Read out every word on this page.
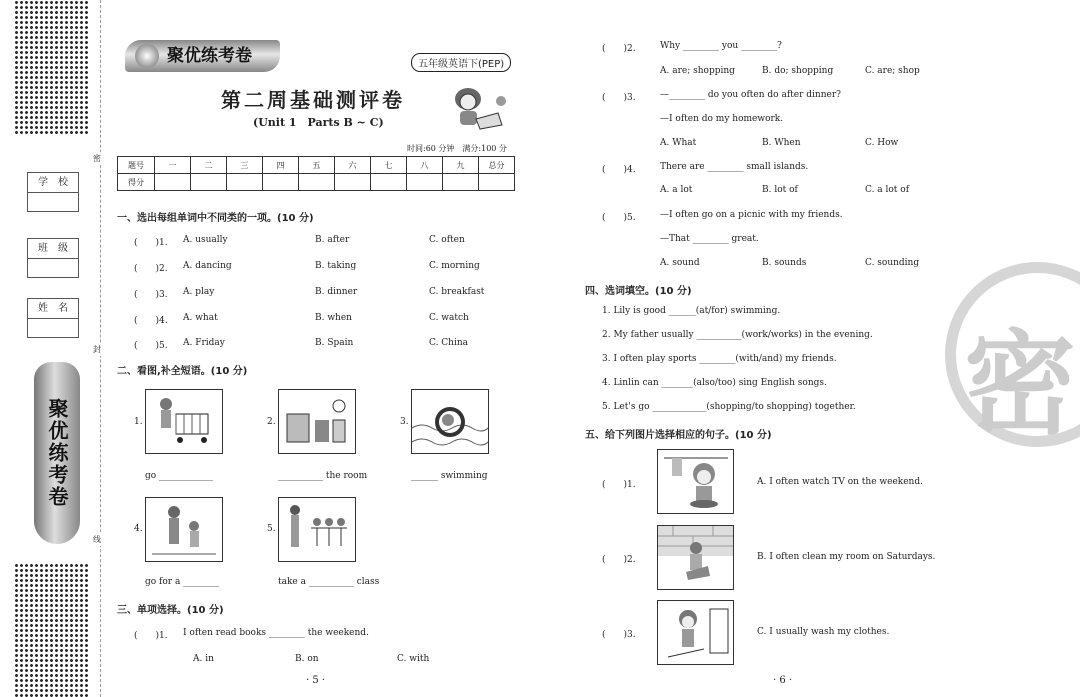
密
封
线
学　校
班　级
姓　名
聚优练考卷
聚优练考卷	五年级英语下(PEP)
第二周基础测评卷
(Unit 1　Parts B ~ C)
时间:60 分钟　满分:100 分
题号	一	二	三	四	五	六	七	八	九	总分
得分										
一、选出每组单词中不同类的一项。(10 分)
(　　)1. A. usually	B. after	C. often
(　　)2. A. dancing	B. taking	C. morning
(　　)3. A. play	B. dinner	C. breakfast
(　　)4. A. what	B. when	C. watch
(　　)5. A. Friday	B. Spain	C. China
二、看图,补全短语。(10 分)
1.	2.	3.
go ____________	__________ the room	______ swimming
4.	5.
go for a ________	take a __________ class
三、单项选择。(10 分)
(　　)1. I often read books ________ the weekend.
A. in	B. on	C. with
· 5 ·
(　　)2.	Why ________ you ________?
A. are; shopping	B. do; shopping	C. are; shop
(　　)3.	—________ do you often do after dinner?
—I often do my homework.
A. What	B. When	C. How
(　　)4.	There are ________ small islands.
A. a lot	B. lot of	C. a lot of
(　　)5.	—I often go on a picnic with my friends.
—That ________ great.
A. sound	B. sounds	C. sounding
四、选词填空。(10 分)
1. Lily is good ______(at/for) swimming.
2. My father usually __________(work/works) in the evening.
3. I often play sports ________(with/and) my friends.
4. Linlin can _______(also/too) sing English songs.
5. Let's go ____________(shopping/to shopping) together.
五、给下列图片选择相应的句子。(10 分)
(　　)1.	A. I often watch TV on the weekend.
(　　)2.	B. I often clean my room on Saturdays.
(　　)3.	C. I usually wash my clothes.
· 6 ·
密
